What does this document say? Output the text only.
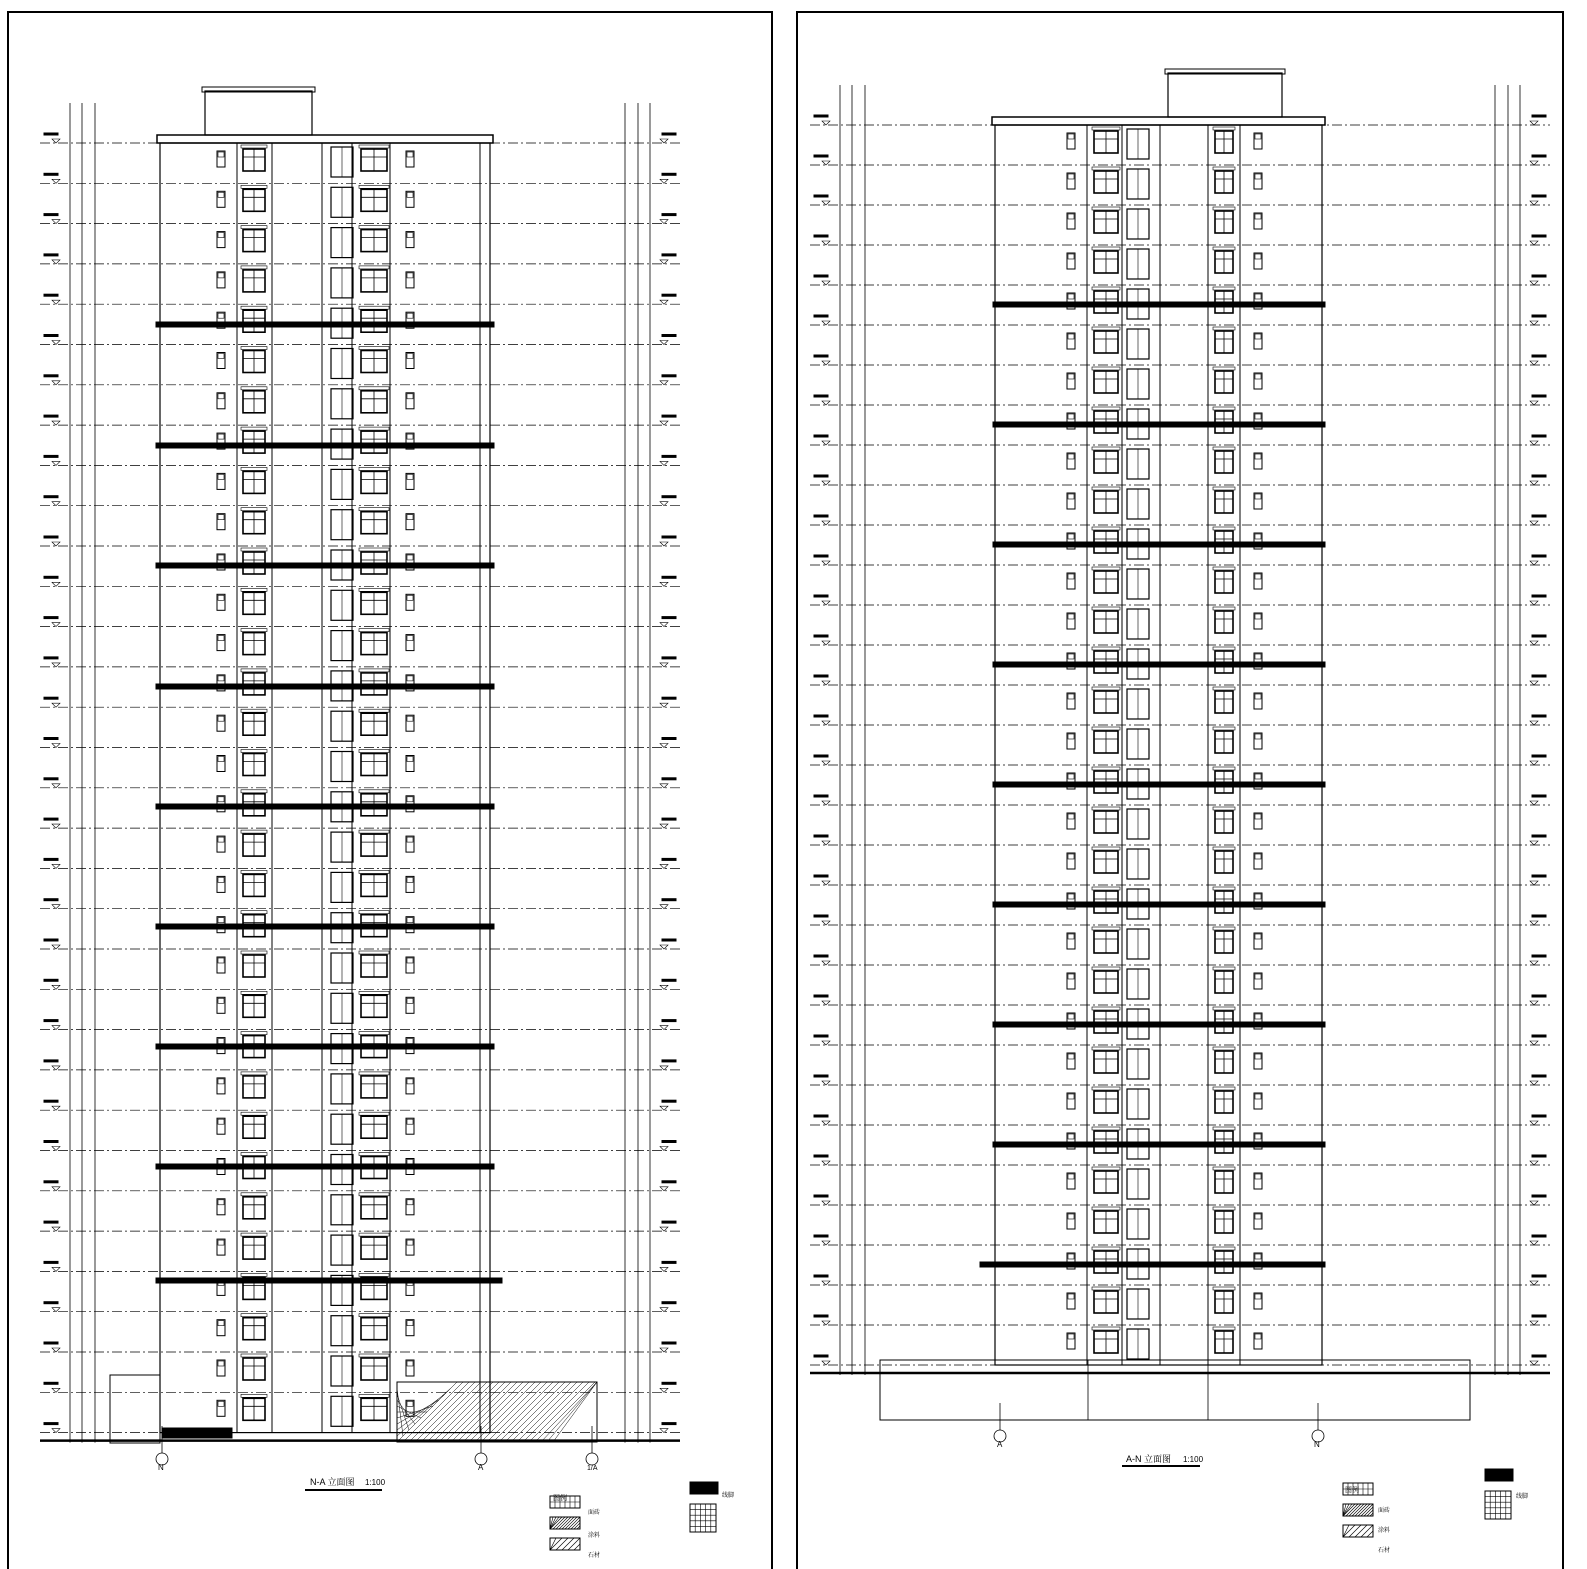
N-A 立面图 1:100
A-N 立面图 1:100
图例
面砖
涂料
石材
线脚
图例
面砖
涂料
石材
线脚
N	A	1/A
A	N
